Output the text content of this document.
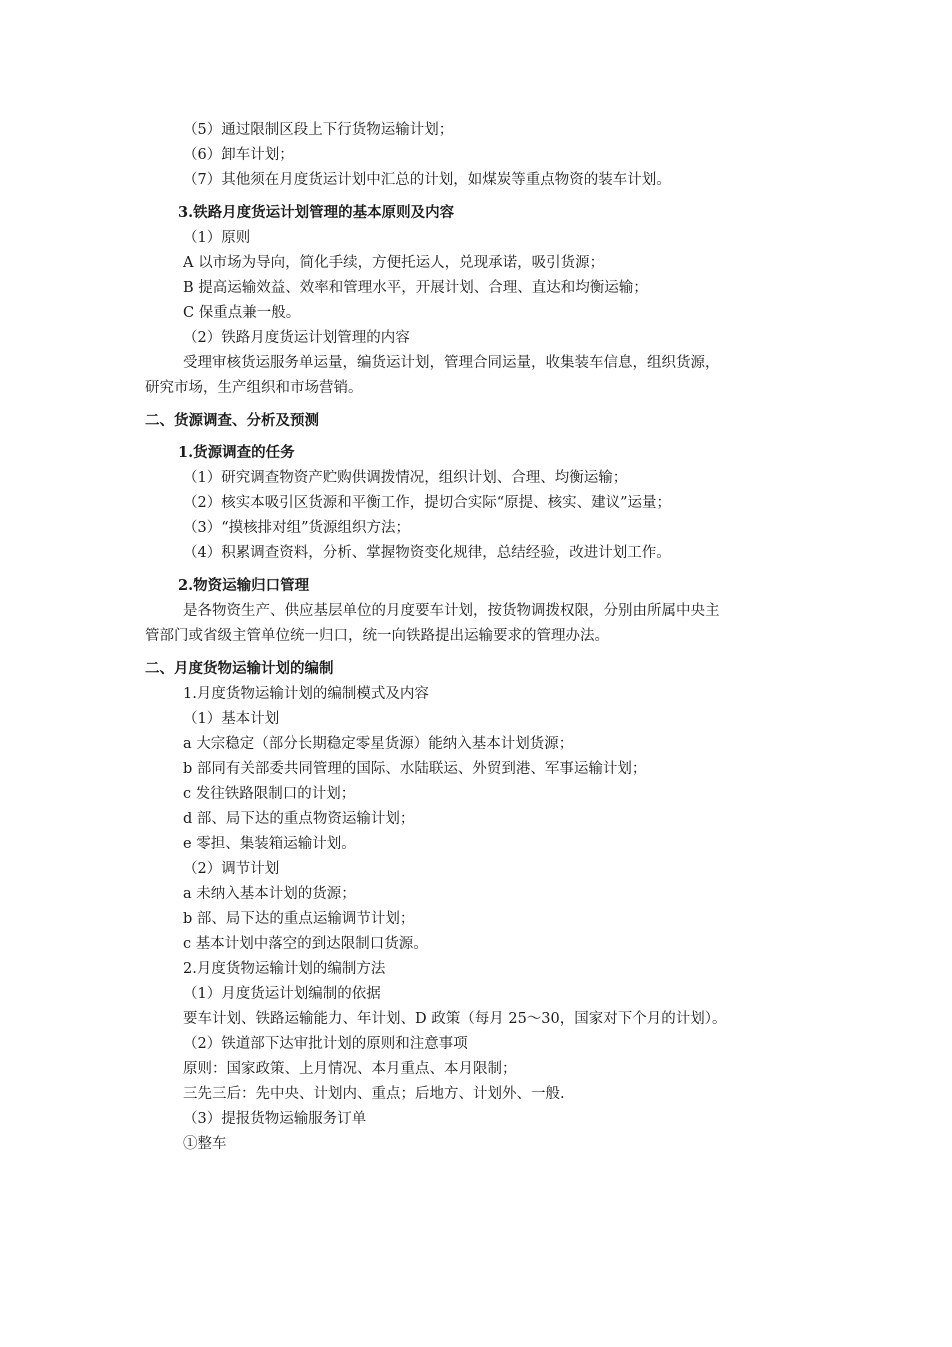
（5）通过限制区段上下行货物运输计划；
（6）卸车计划；
（7）其他须在月度货运计划中汇总的计划，如煤炭等重点物资的装车计划。
3.铁路月度货运计划管理的基本原则及内容
（1）原则
A 以市场为导向，简化手续，方便托运人，兑现承诺，吸引货源；
B 提高运输效益、效率和管理水平，开展计划、合理、直达和均衡运输；
C 保重点兼一般。
（2）铁路月度货运计划管理的内容
受理审核货运服务单运量，编货运计划，管理合同运量，收集装车信息，组织货源，
研究市场，生产组织和市场营销。
二、货源调查、分析及预测
1.货源调查的任务
（1）研究调查物资产贮购供调拨情况，组织计划、合理、均衡运输；
（2）核实本吸引区货源和平衡工作，提切合实际“原提、核实、建议”运量；
（3）“摸核排对组”货源组织方法；
（4）积累调查资料，分析、掌握物资变化规律，总结经验，改进计划工作。
2.物资运输归口管理
是各物资生产、供应基层单位的月度要车计划，按货物调拨权限，分别由所属中央主
管部门或省级主管单位统一归口，统一向铁路提出运输要求的管理办法。
二、月度货物运输计划的编制
1.月度货物运输计划的编制模式及内容
（1）基本计划
a 大宗稳定（部分长期稳定零星货源）能纳入基本计划货源；
b 部同有关部委共同管理的国际、水陆联运、外贸到港、军事运输计划；
c 发往铁路限制口的计划；
d 部、局下达的重点物资运输计划；
e 零担、集装箱运输计划。
（2）调节计划
a 未纳入基本计划的货源；
b 部、局下达的重点运输调节计划；
c 基本计划中落空的到达限制口货源。
2.月度货物运输计划的编制方法
（1）月度货运计划编制的依据
要车计划、铁路运输能力、年计划、D 政策（每月 25～30，国家对下个月的计划）。
（2）铁道部下达审批计划的原则和注意事项
原则：国家政策、上月情况、本月重点、本月限制；
三先三后：先中央、计划内、重点；后地方、计划外、一般.
（3）提报货物运输服务订单
①整车
